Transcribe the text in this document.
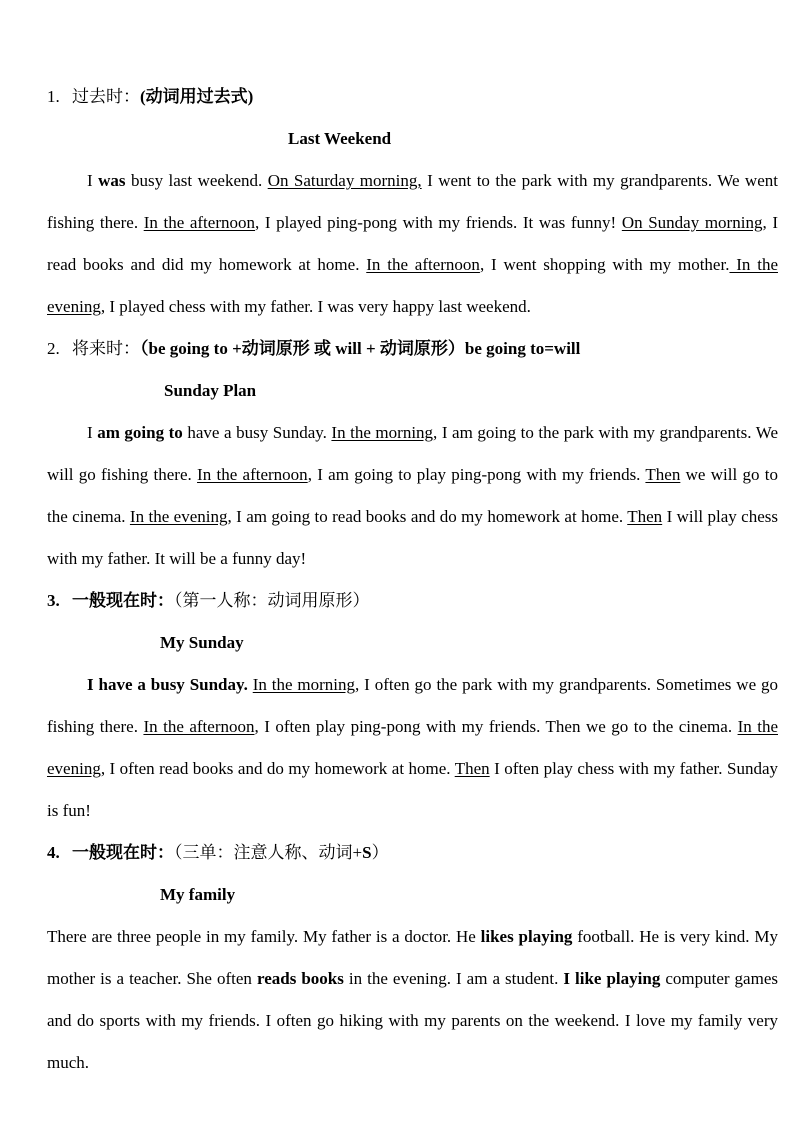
1. 过去时：(动词用过去式)
Last Weekend
I was busy last weekend. On Saturday morning, I went to the park with my grandparents. We went fishing there. In the afternoon, I played ping-pong with my friends. It was funny! On Sunday morning, I read books and did my homework at home. In the afternoon, I went shopping with my mother. In the evening, I played chess with my father. I was very happy last weekend.
2. 将来时：（be going to +动词原形 或 will + 动词原形）be going to=will
Sunday Plan
I am going to have a busy Sunday. In the morning, I am going to the park with my grandparents. We will go fishing there. In the afternoon, I am going to play ping-pong with my friends. Then we will go to the cinema. In the evening, I am going to read books and do my homework at home. Then I will play chess with my father. It will be a funny day!
3. 一般现在时：（第一人称：动词用原形）
My Sunday
I have a busy Sunday. In the morning, I often go the park with my grandparents. Sometimes we go fishing there. In the afternoon, I often play ping-pong with my friends. Then we go to the cinema. In the evening, I often read books and do my homework at home. Then I often play chess with my father. Sunday is fun!
4. 一般现在时：（三单：注意人称、动词+S）
My family
There are three people in my family. My father is a doctor. He likes playing football. He is very kind. My mother is a teacher. She often reads books in the evening. I am a student. I like playing computer games and do sports with my friends. I often go hiking with my parents on the weekend. I love my family very much.
